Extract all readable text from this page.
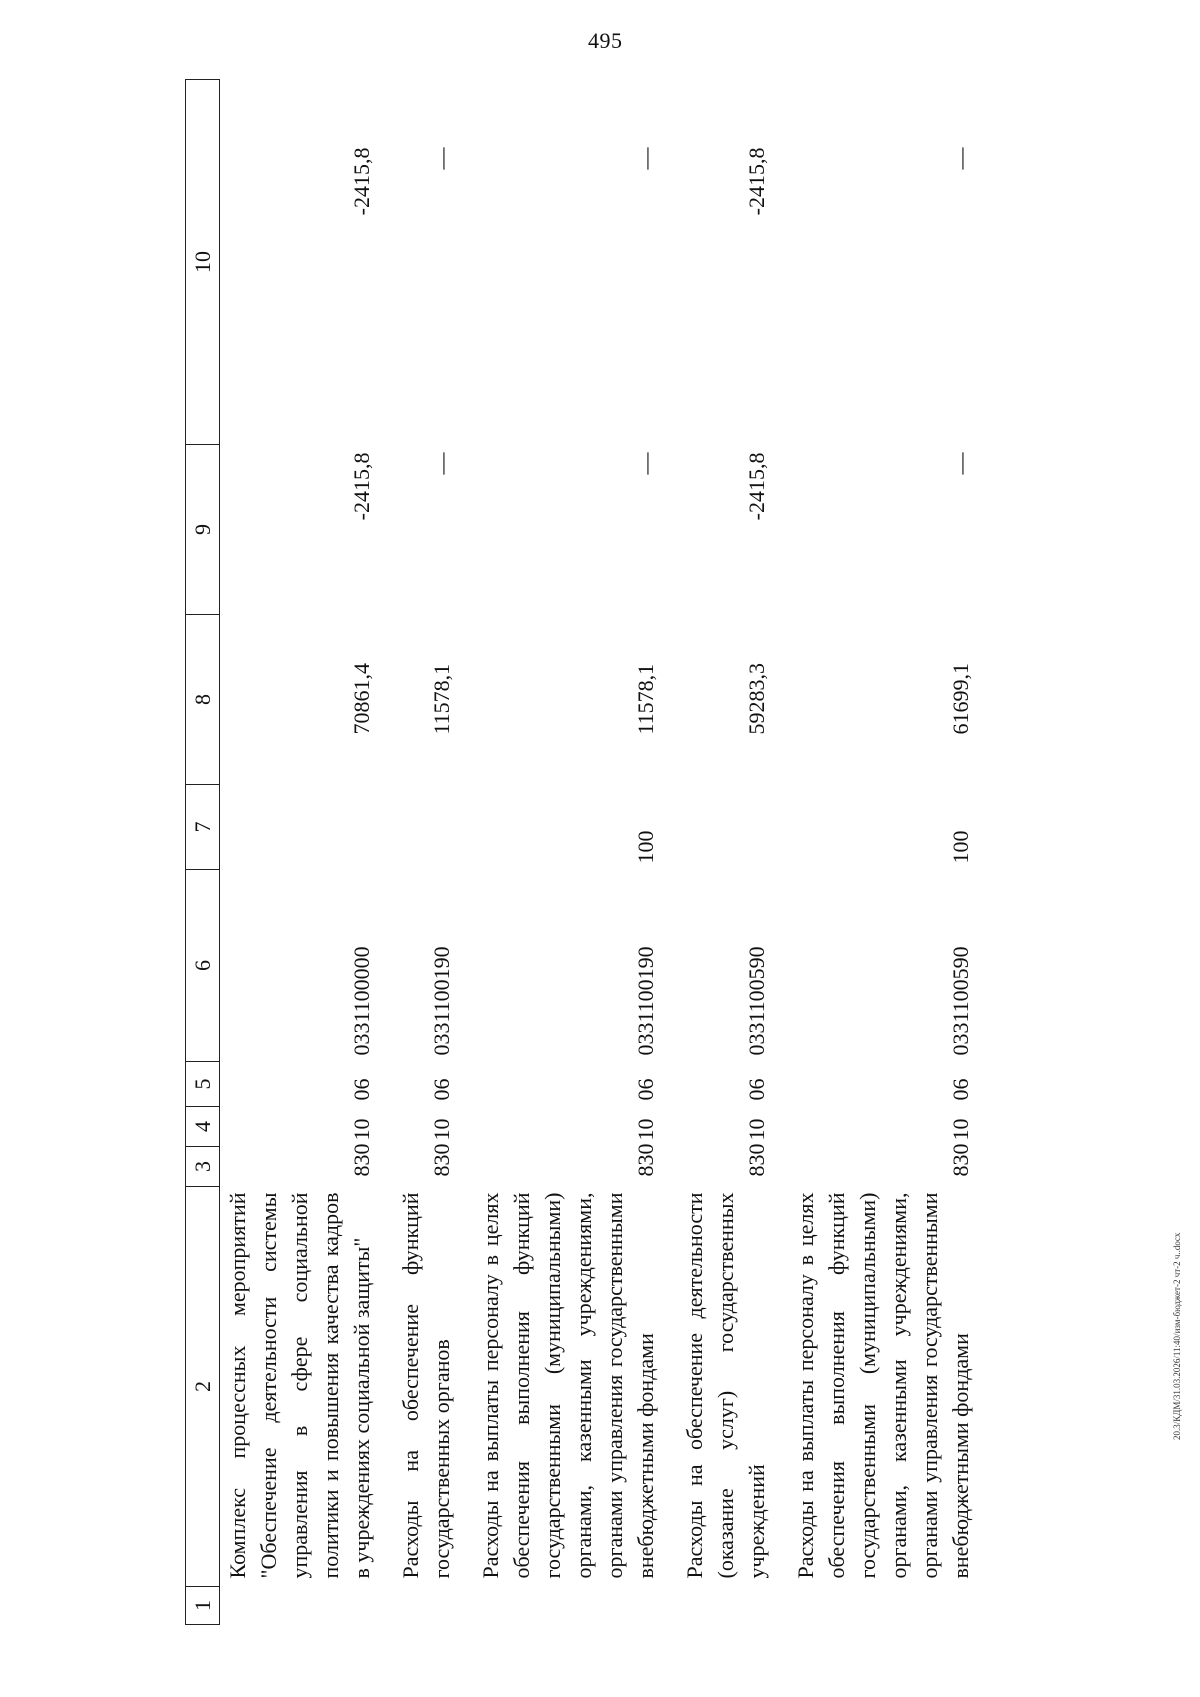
495
1	2	3	4	5	6	7	8	9	10
	Комплекс процессных мероприятий "Обеспечение деятельности системы управления в сфере социальной политики и повышения качества кадров в учреждениях социальной защиты"	830	10	06	0331100000		70861,4	-2415,8	-2415,8

	Расходы на обеспечение функций государственных органов	830	10	06	0331100190		11578,1	—	—

	Расходы на выплаты персоналу в целях обеспечения выполнения функций государственными (муниципальными) органами, казенными учреждениями, органами управления государственными внебюджетными фондами	830	10	06	0331100190	100	11578,1	—	—

	Расходы на обеспечение деятельности (оказание услуг) государственных учреждений	830	10	06	0331100590		59283,3	-2415,8	-2415,8

	Расходы на выплаты персоналу в целях обеспечения выполнения функций государственными (муниципальными) органами, казенными учреждениями, органами управления государственными внебюджетными фондами	830	10	06	0331100590	100	61699,1	—	—
20.3/КДМ/31.03.2026/11:40/изм-бюджет-2 чт-2 ч..docx
